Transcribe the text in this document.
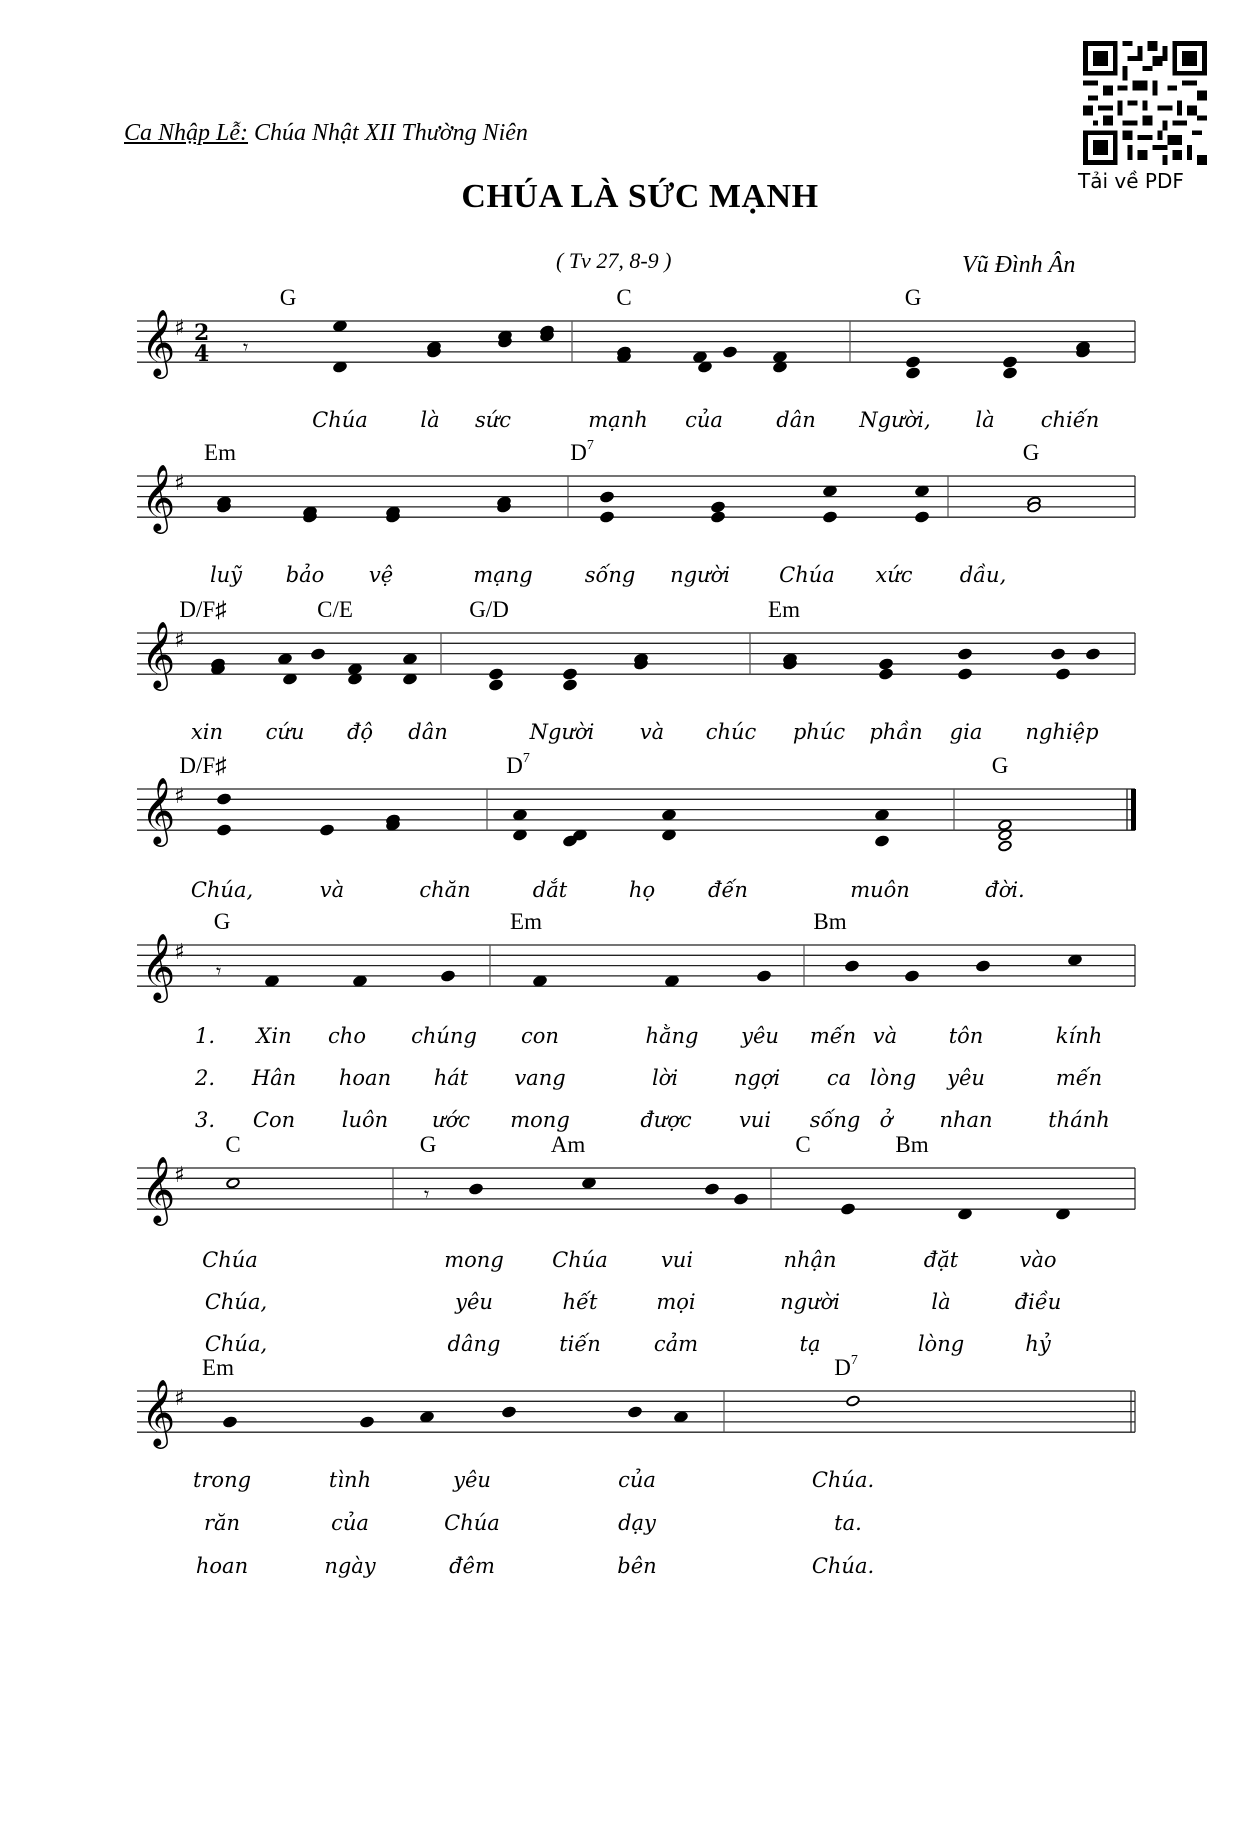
Ca Nhập Lễ: Chúa Nhật XII Thường Niên
CHÚA LÀ SỨC MẠNH
( Tv 27, 8-9 )	Vũ Đình Ân
Tải về PDF
𝄞
♯ 2
4
G	C	G
Chúa	là sức	mạnh của	dân Người, là chiến
𝄞
♯
Em	$D^7$	G
luỹ bảo vệ	mạng sống người Chúa xức dầu,
𝄞
♯
D/F♯	C/E	G/D	Em
xin cứu độ dân	Người và chúc phúc phần gia nghiệp
𝄞
♯
D/F♯	$D^7$	G
Chúa,	và	chăn	dắt	họ	đến	muôn	đời.
𝄞
♯
G	Em	Bm
1. Xin cho chúng con	hằng yêu mến và tôn	kính
2. Hân hoan hát vang	lời	ngợi ca lòng yêu	mến
3. Con luôn ước mong	được vui sống ở nhan	thánh
𝄞
♯
C	G	Am	C	Bm
Chúa	mong Chúa	vui	nhận	đặt	vào
Chúa,	yêu	hết	mọi	người	là	điều
Chúa,	dâng	tiến	cảm	tạ	lòng	hỷ
𝄞
♯
Em	$D^7$
trong	tình	yêu	của	Chúa.
răn	của	Chúa	dạy	ta.
hoan	ngày	đêm	bên	Chúa.
𝄾
𝄾
𝄾
